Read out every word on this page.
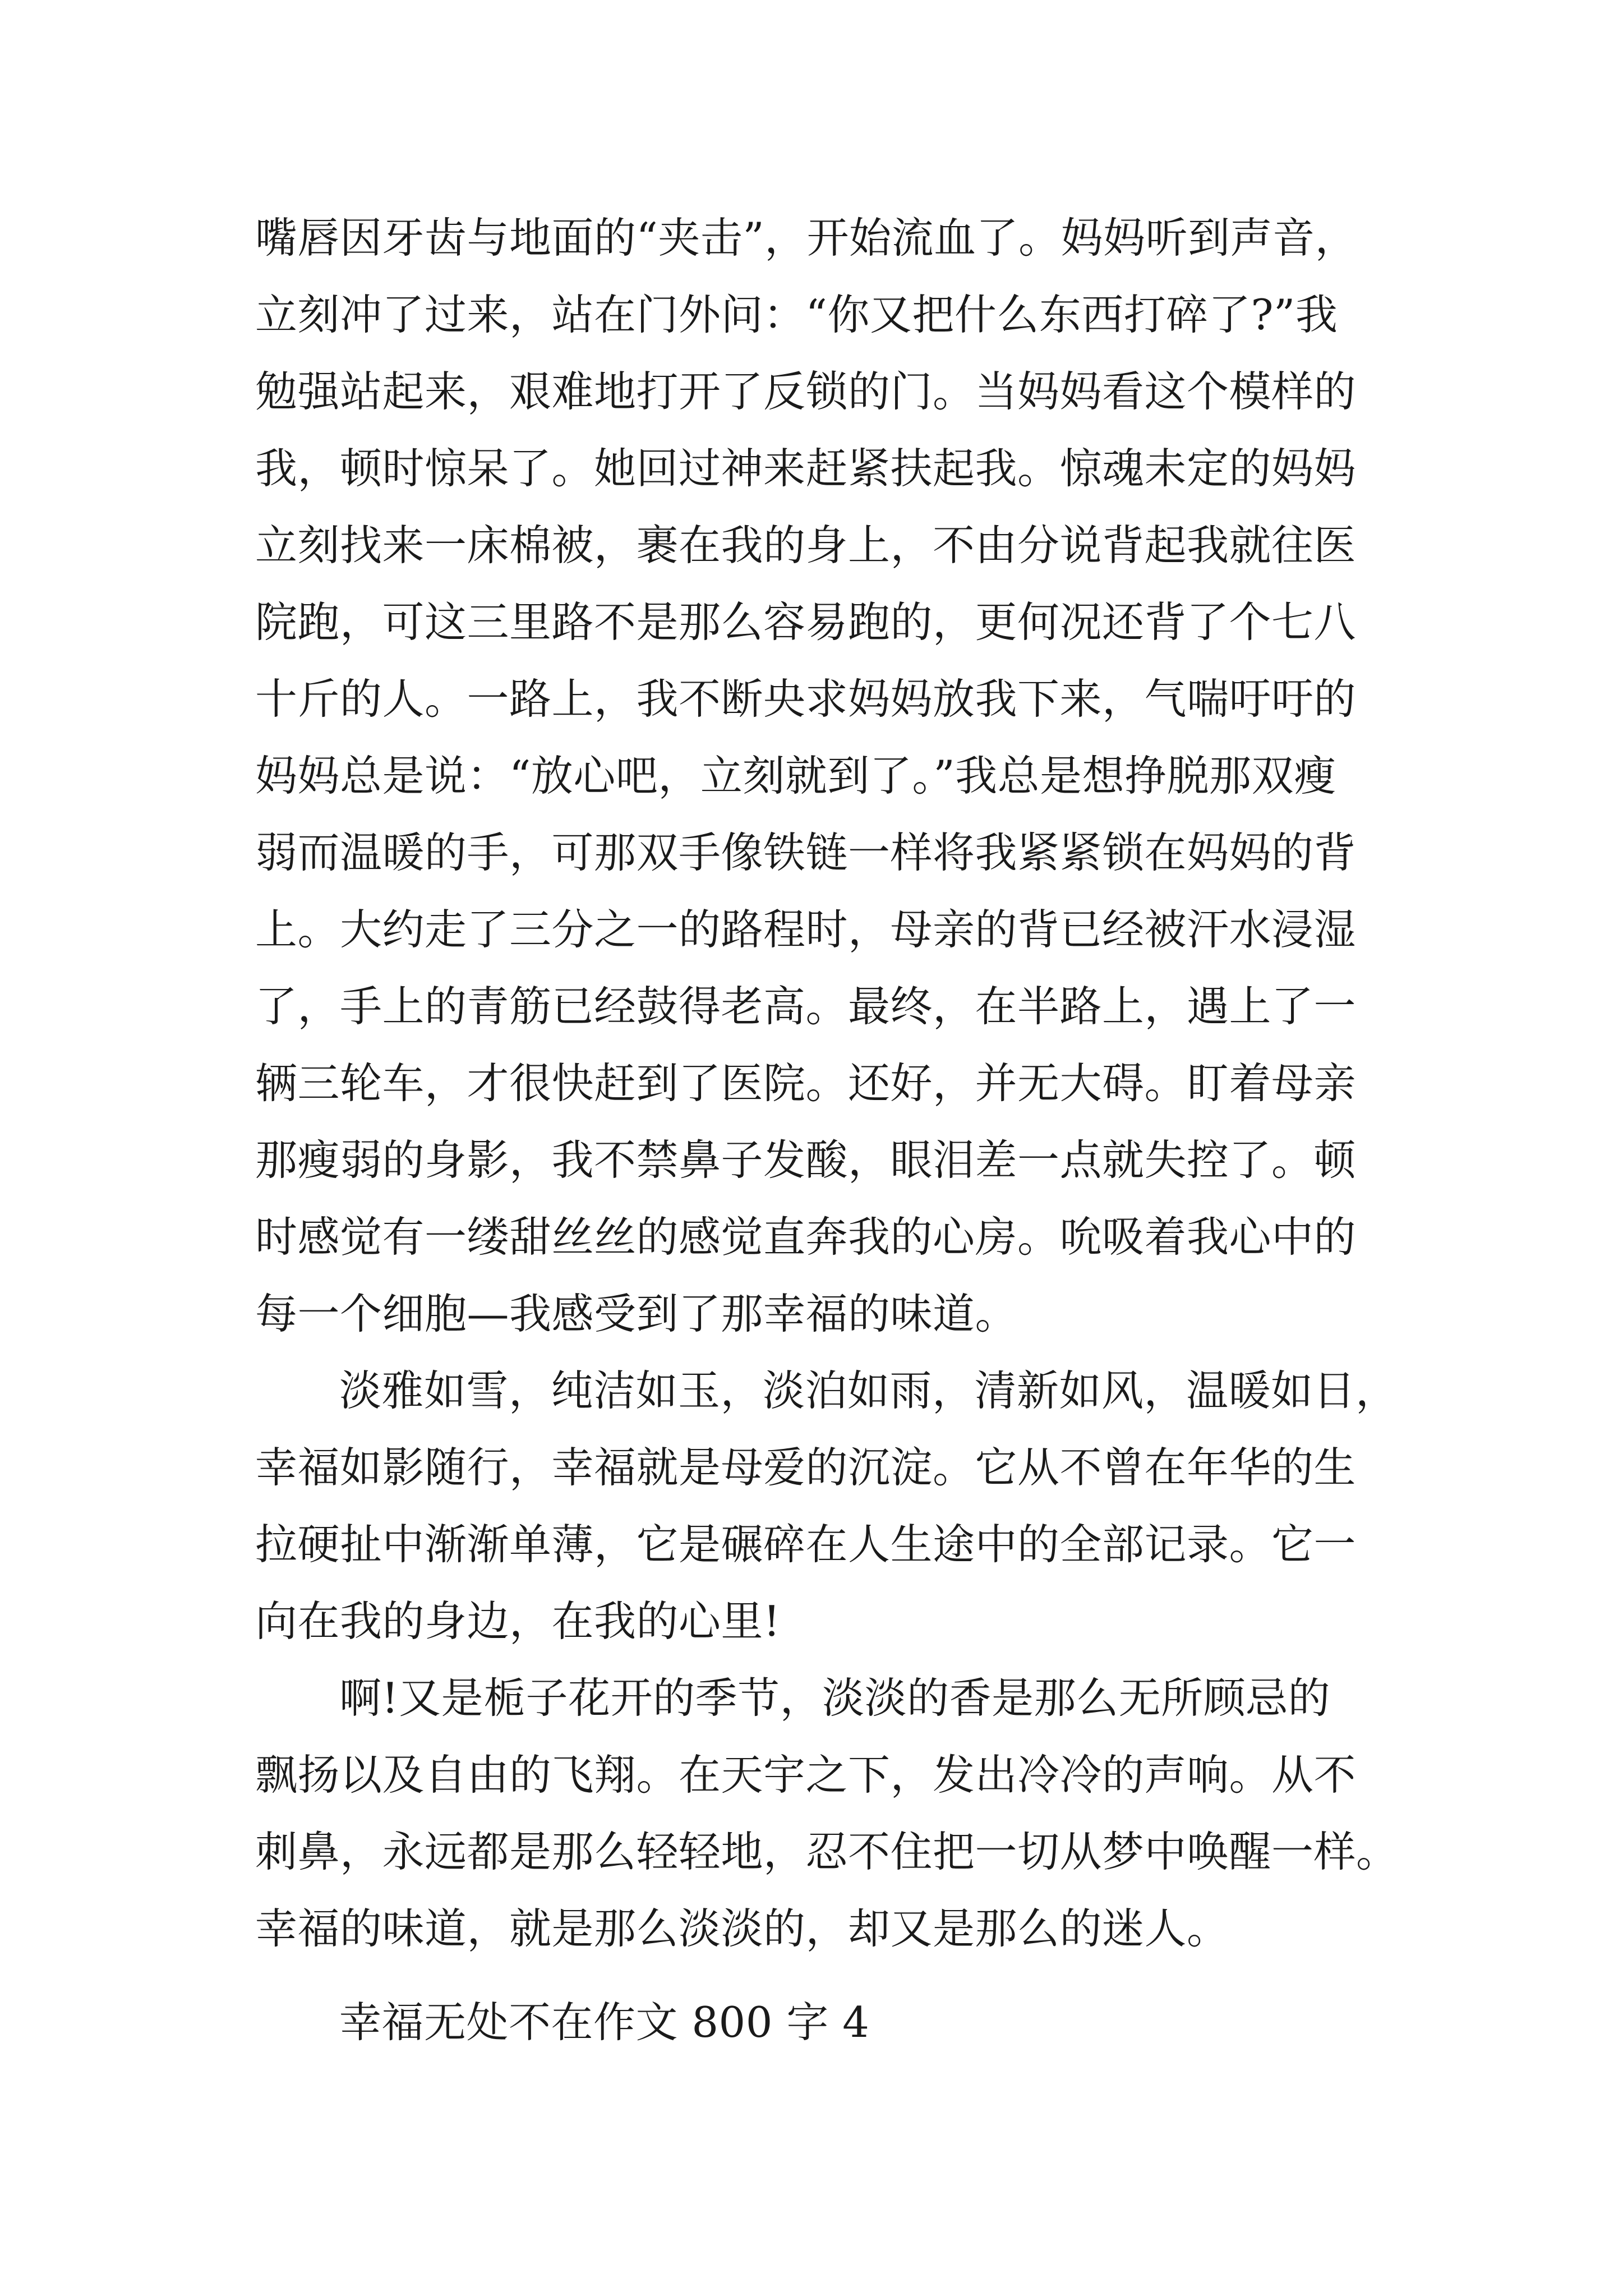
嘴唇因牙齿与地面的“夹击”，开始流血了。妈妈听到声音，
立刻冲了过来，站在门外问：“你又把什么东西打碎了?”我
勉强站起来，艰难地打开了反锁的门。当妈妈看这个模样的
我，顿时惊呆了。她回过神来赶紧扶起我。惊魂未定的妈妈
立刻找来一床棉被，裹在我的身上，不由分说背起我就往医
院跑，可这三里路不是那么容易跑的，更何况还背了个七八
十斤的人。一路上，我不断央求妈妈放我下来，气喘吁吁的
妈妈总是说：“放心吧，立刻就到了。”我总是想挣脱那双瘦
弱而温暖的手，可那双手像铁链一样将我紧紧锁在妈妈的背
上。大约走了三分之一的路程时，母亲的背已经被汗水浸湿
了，手上的青筋已经鼓得老高。最终，在半路上，遇上了一
辆三轮车，才很快赶到了医院。还好，并无大碍。盯着母亲
那瘦弱的身影，我不禁鼻子发酸，眼泪差一点就失控了。顿
时感觉有一缕甜丝丝的感觉直奔我的心房。吮吸着我心中的
每一个细胞—我感受到了那幸福的味道。
淡雅如雪，纯洁如玉，淡泊如雨，清新如风，温暖如日，
幸福如影随行，幸福就是母爱的沉淀。它从不曾在年华的生
拉硬扯中渐渐单薄，它是碾碎在人生途中的全部记录。它一
向在我的身边，在我的心里!
啊!又是栀子花开的季节，淡淡的香是那么无所顾忌的
飘扬以及自由的飞翔。在天宇之下，发出冷冷的声响。从不
刺鼻，永远都是那么轻轻地，忍不住把一切从梦中唤醒一样。
幸福的味道，就是那么淡淡的，却又是那么的迷人。
幸福无处不在作文 800 字 4
